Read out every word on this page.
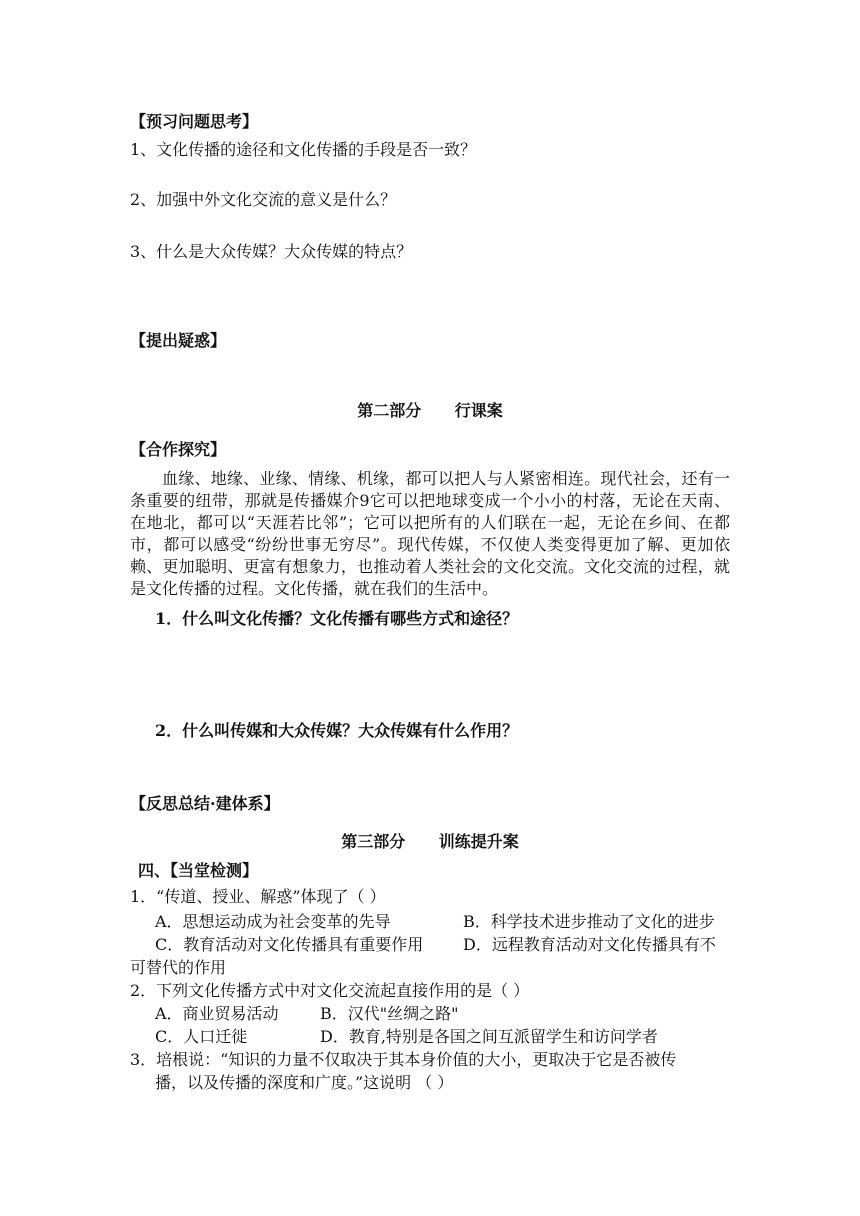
【预习问题思考】
1、文化传播的途径和文化传播的手段是否一致？
2、加强中外文化交流的意义是什么？
3、什么是大众传媒？大众传媒的特点？
【提出疑惑】
第二部分      行课案
【合作探究】
血缘、地缘、业缘、情缘、机缘，都可以把人与人紧密相连。现代社会，还有一条重要的纽带，那就是传播媒介9它可以把地球变成一个小小的村落，无论在天南、在地北，都可以“天涯若比邻”；它可以把所有的人们联在一起，无论在乡间、在都市，都可以感受“纷纷世事无穷尽”。现代传媒，不仅使人类变得更加了解、更加依赖、更加聪明、更富有想象力，也推动着人类社会的文化交流。文化交流的过程，就是文化传播的过程。文化传播，就在我们的生活中。
1．什么叫文化传播？文化传播有哪些方式和途径？
2．什么叫传媒和大众传媒？大众传媒有什么作用？
【反思总结·建体系】
第三部分      训练提升案
四、【当堂检测】
1．“传道、授业、解惑”体现了（ ）
A．思想运动成为社会变革的先导	B．科学技术进步推动了文化的进步
C．教育活动对文化传播具有重要作用 D．远程教育活动对文化传播具有不
可替代的作用
2．下列文化传播方式中对文化交流起直接作用的是（ ）
A．商业贸易活动	B．汉代"丝绸之路"
C．人口迁徙	D．教育,特别是各国之间互派留学生和访问学者
3．培根说：“知识的力量不仅取决于其本身价值的大小，更取决于它是否被传
播，以及传播的深度和广度。”这说明 （ ）
